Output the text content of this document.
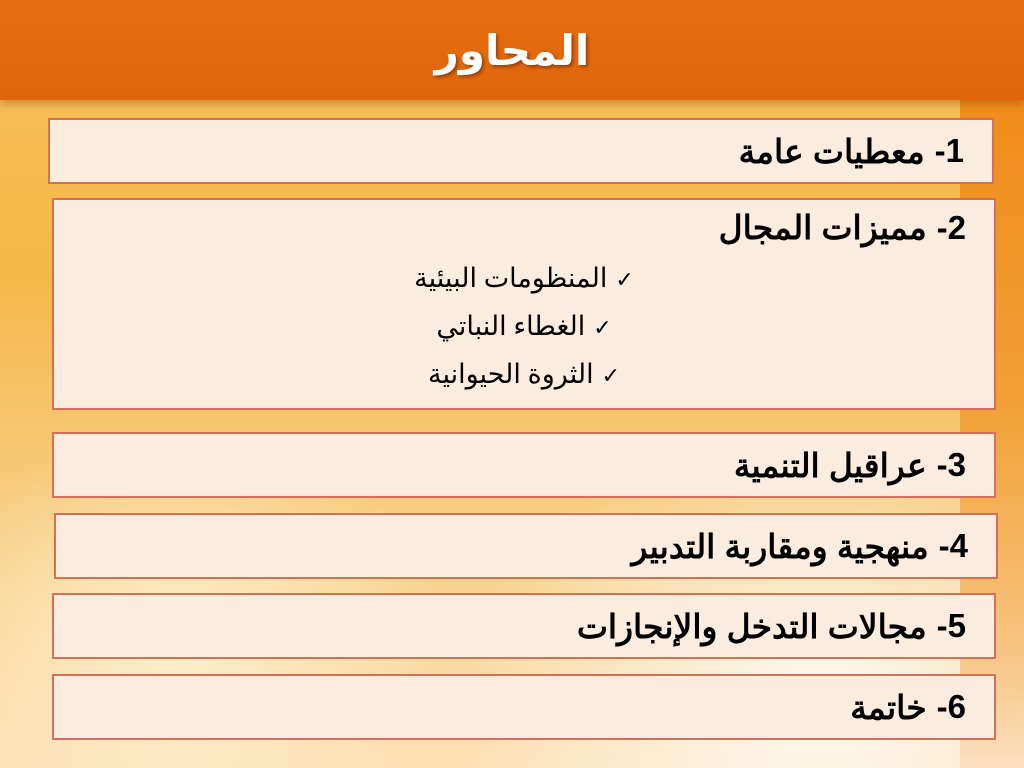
المحاور
1-
معطيات عامة
2-
مميزات المجال
✓المنظومات البيئية
✓الغطاء النباتي
✓الثروة الحيوانية
3-
عراقيل التنمية
4-
منهجية ومقاربة التدبير
5-
مجالات التدخل والإنجازات
6-
خاتمة
